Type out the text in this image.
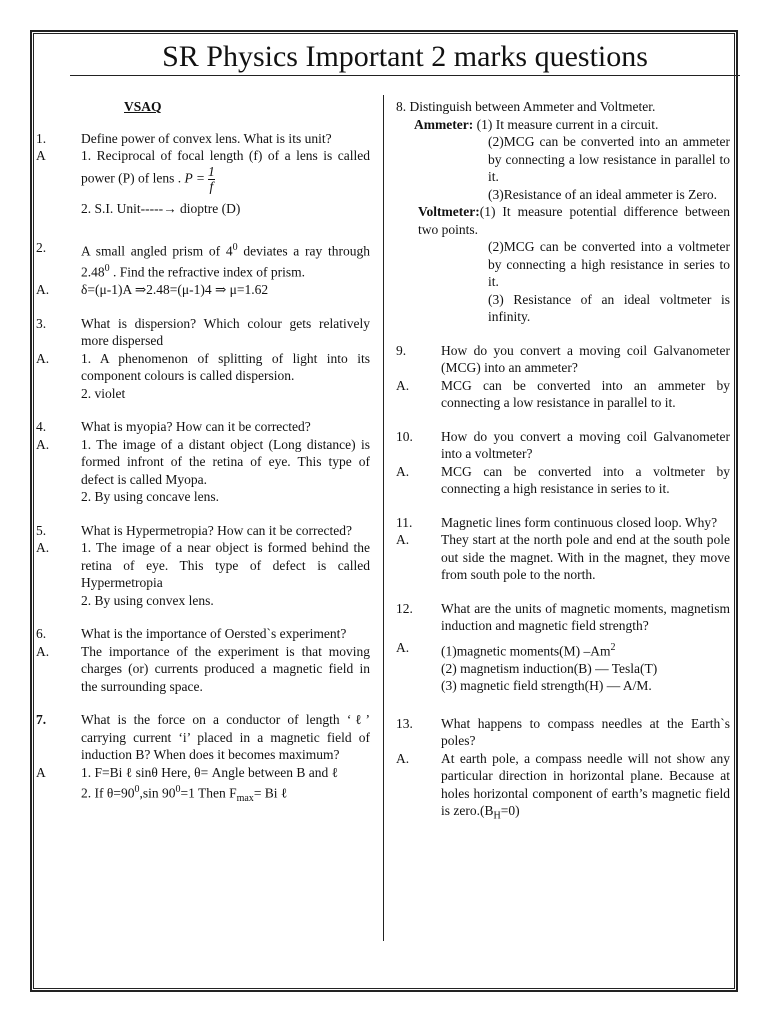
SR Physics Important 2 marks questions
VSAQ
1.	Define power of convex lens. What is its unit?
A	1. Reciprocal of focal length (f) of a lens is called power (P) of lens . $P = \frac{1}{f}$
2. S.I. Unit-----→ dioptre (D)
2.	A small angled prism of $4^0$ deviates a ray through 2.48$^0$ . Find the refractive index of prism.
A.	δ=(μ-1)A ⇒2.48=(μ-1)4 ⇒ μ=1.62
3.	What is dispersion? Which colour gets relatively more dispersed
A.	1. A phenomenon of splitting of light into its component colours is called dispersion.
2. violet
4.	What is myopia? How can it be corrected?
A.	1. The image of a distant object (Long distance) is formed infront of the retina of eye. This type of defect is called Myopa.
2. By using concave lens.
5.	What is Hypermetropia? How can it be corrected?
A.	1. The image of a near object is formed behind the retina of eye. This type of defect is called Hypermetropia
2. By using convex lens.
6.	What is the importance of Oersted`s experiment?
A.	The importance of the experiment is that moving charges (or) currents produced a magnetic field in the surrounding space.
7.	What is the force on a conductor of length ‘ℓ’ carrying current ‘i’ placed in a magnetic field of induction B? When does it becomes maximum?
A	1. F=Bi ℓ sinθ Here, θ= Angle between B and ℓ
2. If $\theta=90^0,\sin$ $90^0=1$ Then $F_{max}= Bi$ ℓ
8. Distinguish between Ammeter and Voltmeter.
Ammeter: (1) It measure current in a circuit.
(2)MCG can be converted into an ammeter by connecting a low resistance in parallel to it.
(3)Resistance of an ideal ammeter is Zero.
Voltmeter:(1) It measure potential difference between two points.
(2)MCG can be converted into a voltmeter by connecting a high resistance in series to it.
(3) Resistance of an ideal voltmeter is infinity.
9.	How do you convert a moving coil Galvanometer (MCG) into an ammeter?
A.	MCG can be converted into an ammeter by connecting a low resistance in parallel to it.
10.	How do you convert a moving coil Galvanometer into a voltmeter?
A.	MCG can be converted into a voltmeter by connecting a high resistance in series to it.
11.	Magnetic lines form continuous closed loop. Why?
A.	They start at the north pole and end at the south pole out side the magnet. With in the magnet, they move from south pole to the north.
12.	What are the units of magnetic moments, magnetism induction and magnetic field strength?
A.	(1)magnetic moments(M) –Am$^2$
(2) magnetism induction(B) — Tesla(T)
(3) magnetic field strength(H) — A/M.
13.	What happens to compass needles at the Earth`s poles?
A.	At earth pole, a compass needle will not show any particular direction in horizontal plane. Because at holes horizontal component of earth’s magnetic field is $zero.(B_H=0)$
